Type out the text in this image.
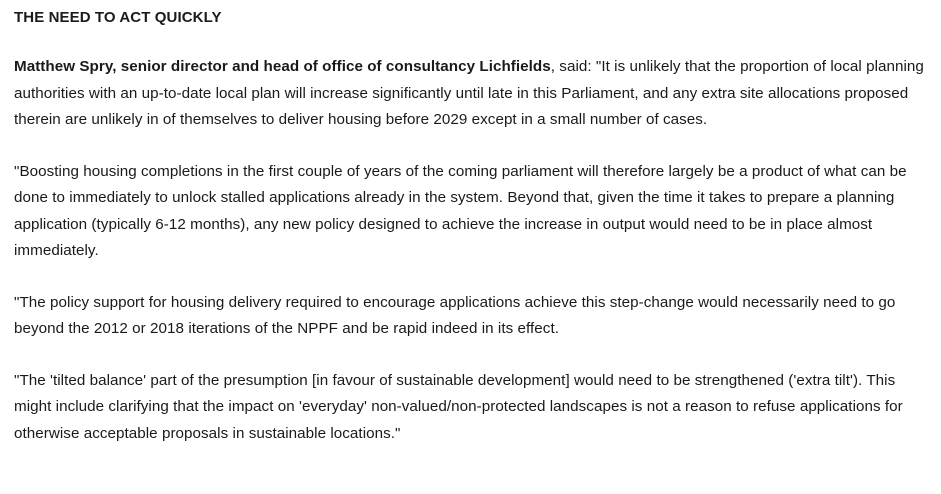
THE NEED TO ACT QUICKLY

Matthew Spry, senior director and head of office of consultancy Lichfields, said: "It is unlikely that the proportion of local planning authorities with an up-to-date local plan will increase significantly until late in this Parliament, and any extra site allocations proposed therein are unlikely in of themselves to deliver housing before 2029 except in a small number of cases.

"Boosting housing completions in the first couple of years of the coming parliament will therefore largely be a product of what can be done to immediately to unlock stalled applications already in the system. Beyond that, given the time it takes to prepare a planning application (typically 6-12 months), any new policy designed to achieve the increase in output would need to be in place almost immediately.

"The policy support for housing delivery required to encourage applications achieve this step-change would necessarily need to go beyond the 2012 or 2018 iterations of the NPPF and be rapid indeed in its effect.

"The 'tilted balance' part of the presumption [in favour of sustainable development] would need to be strengthened ('extra tilt'). This might include clarifying that the impact on 'everyday' non-valued/non-protected landscapes is not a reason to refuse applications for otherwise acceptable proposals in sustainable locations."
